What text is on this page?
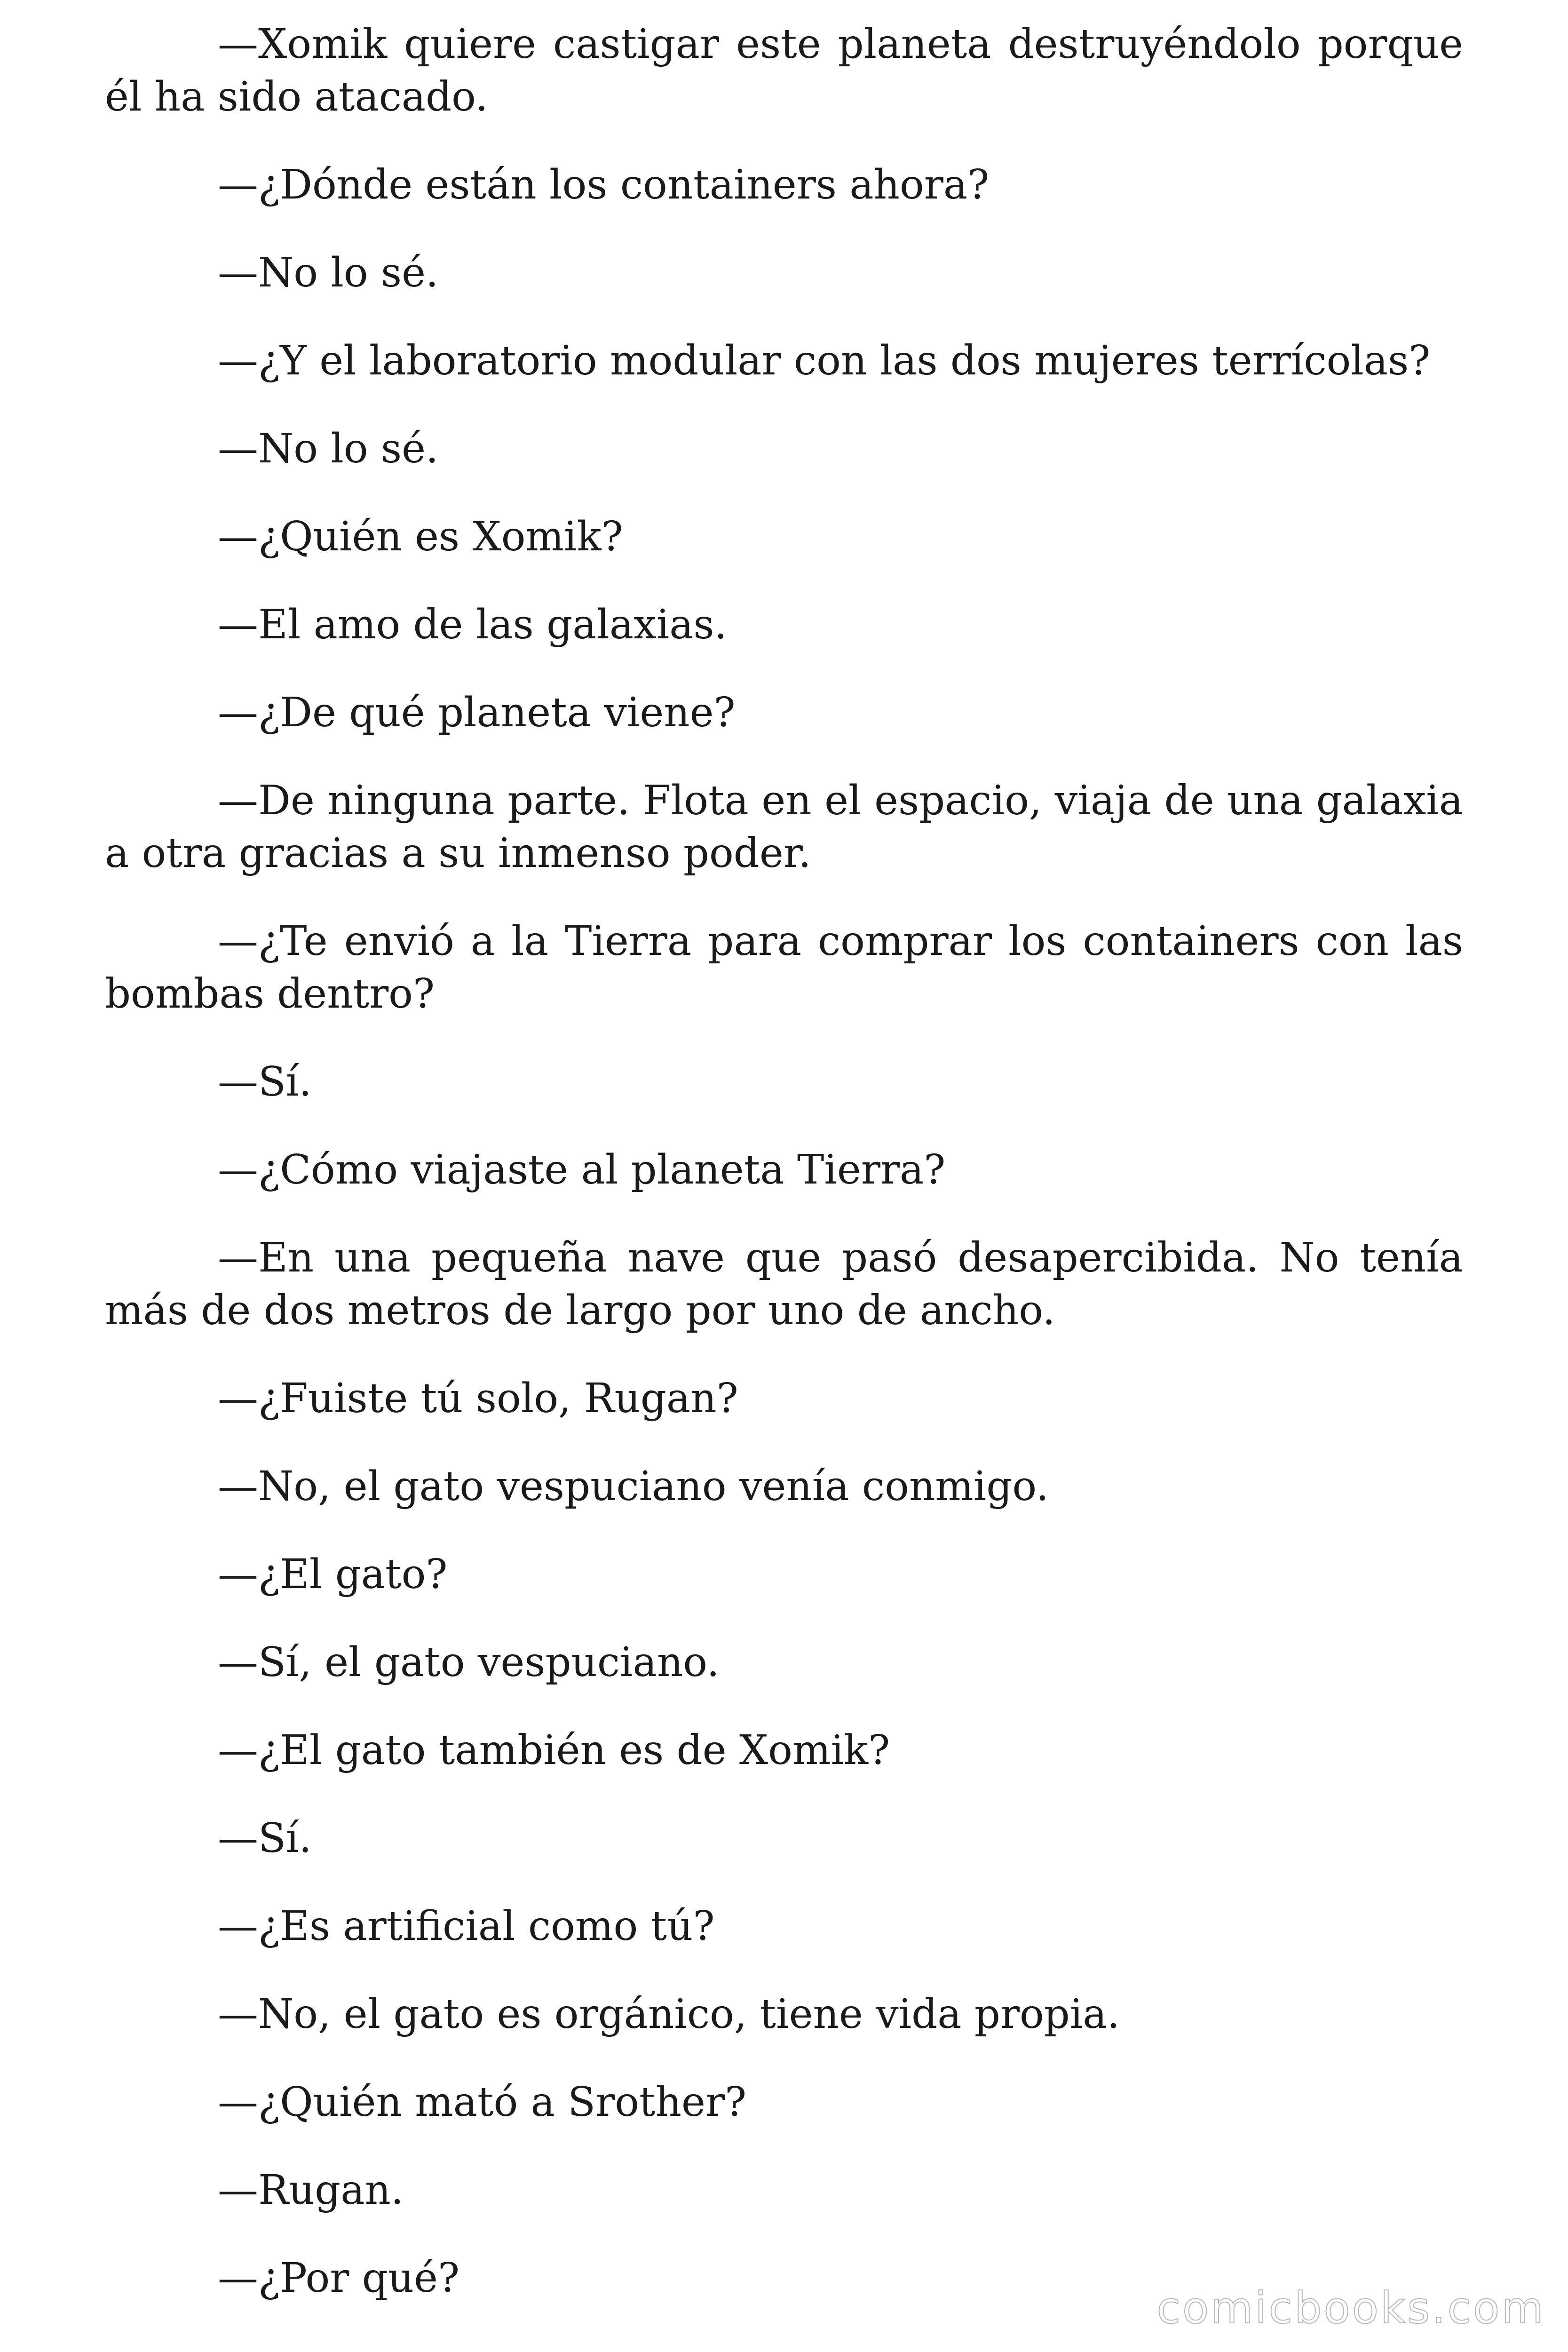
—Xomik quiere castigar este planeta destruyéndolo porque él ha sido atacado.

—¿Dónde están los containers ahora?

—No lo sé.

—¿Y el laboratorio modular con las dos mujeres terrícolas?

—No lo sé.

—¿Quién es Xomik?

—El amo de las galaxias.

—¿De qué planeta viene?

—De ninguna parte. Flota en el espacio, viaja de una galaxia a otra gracias a su inmenso poder.

—¿Te envió a la Tierra para comprar los containers con las bombas dentro?

—Sí.

—¿Cómo viajaste al planeta Tierra?

—En una pequeña nave que pasó desapercibida. No tenía más de dos metros de largo por uno de ancho.

—¿Fuiste tú solo, Rugan?

—No, el gato vespuciano venía conmigo.

—¿El gato?

—Sí, el gato vespuciano.

—¿El gato también es de Xomik?

—Sí.

—¿Es artificial como tú?

—No, el gato es orgánico, tiene vida propia.

—¿Quién mató a Srother?

—Rugan.

—¿Por qué?

comicbooks.com
